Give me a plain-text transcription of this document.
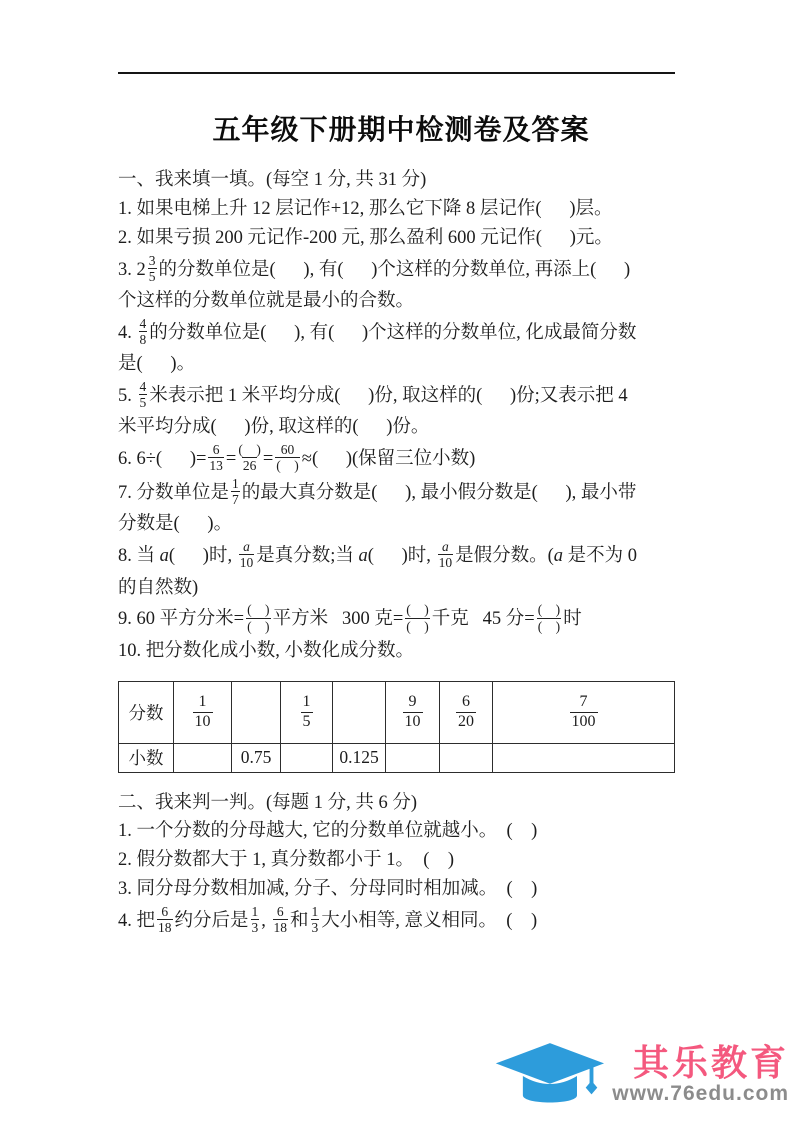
五年级下册期中检测卷及答案

一、我来填一填。(每空 1 分, 共 31 分)

1. 如果电梯上升 12 层记作+12, 那么它下降 8 层记作(      )层。

2. 如果亏损 200 元记作-200 元, 那么盈利 600 元记作(      )元。

3. $2 \frac{3}{5}$ 的分数单位是(      ), 有(      )个这样的分数单位, 再添上(      )

个这样的分数单位就是最小的合数。

4. $\frac{4}{8}$ 的分数单位是(      ), 有(      )个这样的分数单位, 化成最简分数

是(      )。

5. $\frac{4}{5}$ 米表示把 1 米平均分成(      )份, 取这样的(      )份;又表示把 4

米平均分成(      )份, 取这样的(      )份。

6. 6÷(      )= $\frac{6}{13} = \frac{( )}{26} = \frac{60}{( )}$ ≈(      )(保留三位小数)

7. 分数单位是 $\frac{1}{7}$ 的最大真分数是(      ), 最小假分数是(      ), 最小带

分数是(      )。

8. 当 a(      )时, $\frac{a}{10}$ 是真分数;当 a(      )时, $\frac{a}{10}$ 是假分数。(a 是不为 0

的自然数)

9. 60 平方分米= $\frac{( )}{( )}$ 平方米   300 克= $\frac{( )}{( )}$ 千克   45 分= $\frac{( )}{( )}$ 时

10. 把分数化成小数, 小数化成分数。

分数	$\frac{1}{10}$		$\frac{1}{5}$		$\frac{9}{10}$	$\frac{6}{20}$	$\frac{7}{100}$

小数		0.75		0.125			

二、我来判一判。(每题 1 分, 共 6 分)

1. 一个分数的分母越大, 它的分数单位就越小。  (    )

2. 假分数都大于 1, 真分数都小于 1。  (    )

3. 同分母分数相加减, 分子、分母同时相加减。  (    )

4. 把 $\frac{6}{18}$ 约分后是 $\frac{1}{3}$ , $\frac{6}{18}$ 和 $\frac{1}{3}$ 大小相等, 意义相同。  (    )

其乐教育
www.76edu.com
